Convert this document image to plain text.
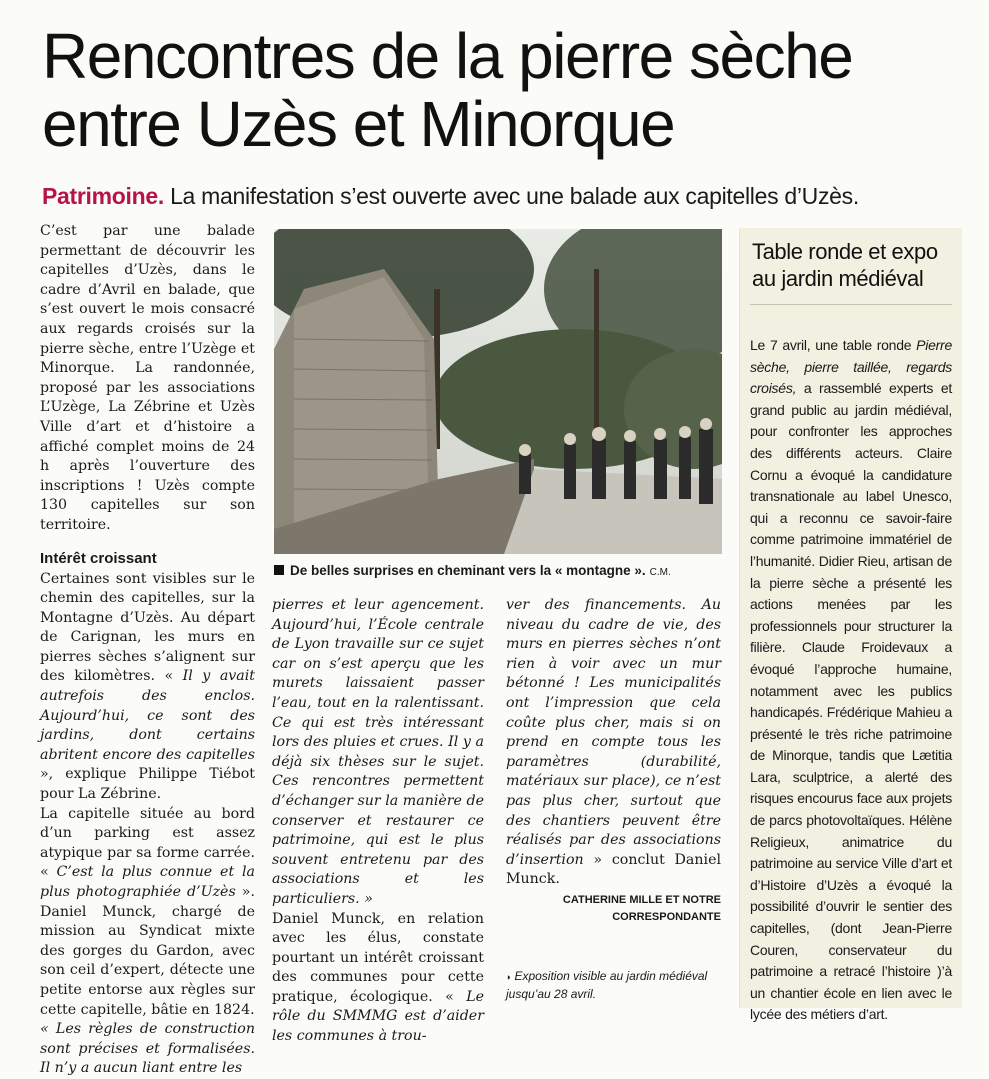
Rencontres de la pierre sèche
entre Uzès et Minorque
Patrimoine. La manifestation s’est ouverte avec une balade aux capitelles d’Uzès.

C’est par une balade permettant de découvrir les capitelles d’Uzès, dans le cadre d’Avril en balade, que s’est ouvert le mois consacré aux regards croisés sur la pierre sèche, entre l’Uzège et Minorque. La randonnée, proposé par les associations L’Uzège, La Zébrine et Uzès Ville d’art et d’histoire a affiché complet moins de 24 h après l’ouverture des inscriptions ! Uzès compte 130 capitelles sur son territoire.

Intérêt croissant

Certaines sont visibles sur le chemin des capitelles, sur la Montagne d’Uzès. Au départ de Carignan, les murs en pierres sèches s’alignent sur des kilomètres. « Il y avait autrefois des enclos. Aujourd’hui, ce sont des jardins, dont certains abritent encore des capitelles », explique Philippe Tiébot pour La Zébrine.

La capitelle située au bord d’un parking est assez atypique par sa forme carrée. « C’est la plus connue et la plus photographiée d’Uzès ». Daniel Munck, chargé de mission au Syndicat mixte des gorges du Gardon, avec son ceil d’expert, détecte une petite entorse aux règles sur cette capitelle, bâtie en 1824.

« Les règles de construction sont précises et formalisées. Il n’y a aucun liant entre les

De belles surprises en cheminant vers la « montagne ». C.M.

pierres et leur agencement. Aujourd’hui, l’École centrale de Lyon travaille sur ce sujet car on s’est aperçu que les murets laissaient passer l’eau, tout en la ralentissant. Ce qui est très intéressant lors des pluies et crues. Il y a déjà six thèses sur le sujet. Ces rencontres permettent d’échanger sur la manière de conserver et restaurer ce patrimoine, qui est le plus souvent entretenu par des associations et les particuliers. »

Daniel Munck, en relation avec les élus, constate pourtant un intérêt croissant des communes pour cette pratique, écologique. « Le rôle du SMMMG est d’aider les communes à trou-

ver des financements. Au niveau du cadre de vie, des murs en pierres sèches n’ont rien à voir avec un mur bétonné ! Les municipalités ont l’impression que cela coûte plus cher, mais si on prend en compte tous les paramètres (durabilité, matériaux sur place), ce n’est pas plus cher, surtout que des chantiers peuvent être réalisés par des associations d’insertion » conclut Daniel Munck.

CATHERINE MILLE ET NOTRE
CORRESPONDANTE
◗ Exposition visible au jardin médiéval jusqu’au 28 avril.
Table ronde et expo au jardin médiéval
Le 7 avril, une table ronde Pierre sèche, pierre taillée, regards croisés, a rassemblé experts et grand public au jardin médiéval, pour confronter les approches des différents acteurs. Claire Cornu a évoqué la candidature transnationale au label Unesco, qui a reconnu ce savoir-faire comme patrimoine immatériel de l’humanité. Didier Rieu, artisan de la pierre sèche a présenté les actions menées par les professionnels pour structurer la filière. Claude Froidevaux a évoqué l’approche humaine, notamment avec les publics handicapés. Frédérique Mahieu a présenté le très riche patrimoine de Minorque, tandis que Lætitia Lara, sculptrice, a alerté des risques encourus face aux projets de parcs photovoltaïques. Hélène Religieux, animatrice du patrimoine au service Ville d’art et d’Histoire d’Uzès a évoqué la possibilité d’ouvrir le sentier des capitelles, (dont Jean-Pierre Couren, conservateur du patrimoine a retracé l’histoire )’à un chantier école en lien avec le lycée des métiers d’art.
